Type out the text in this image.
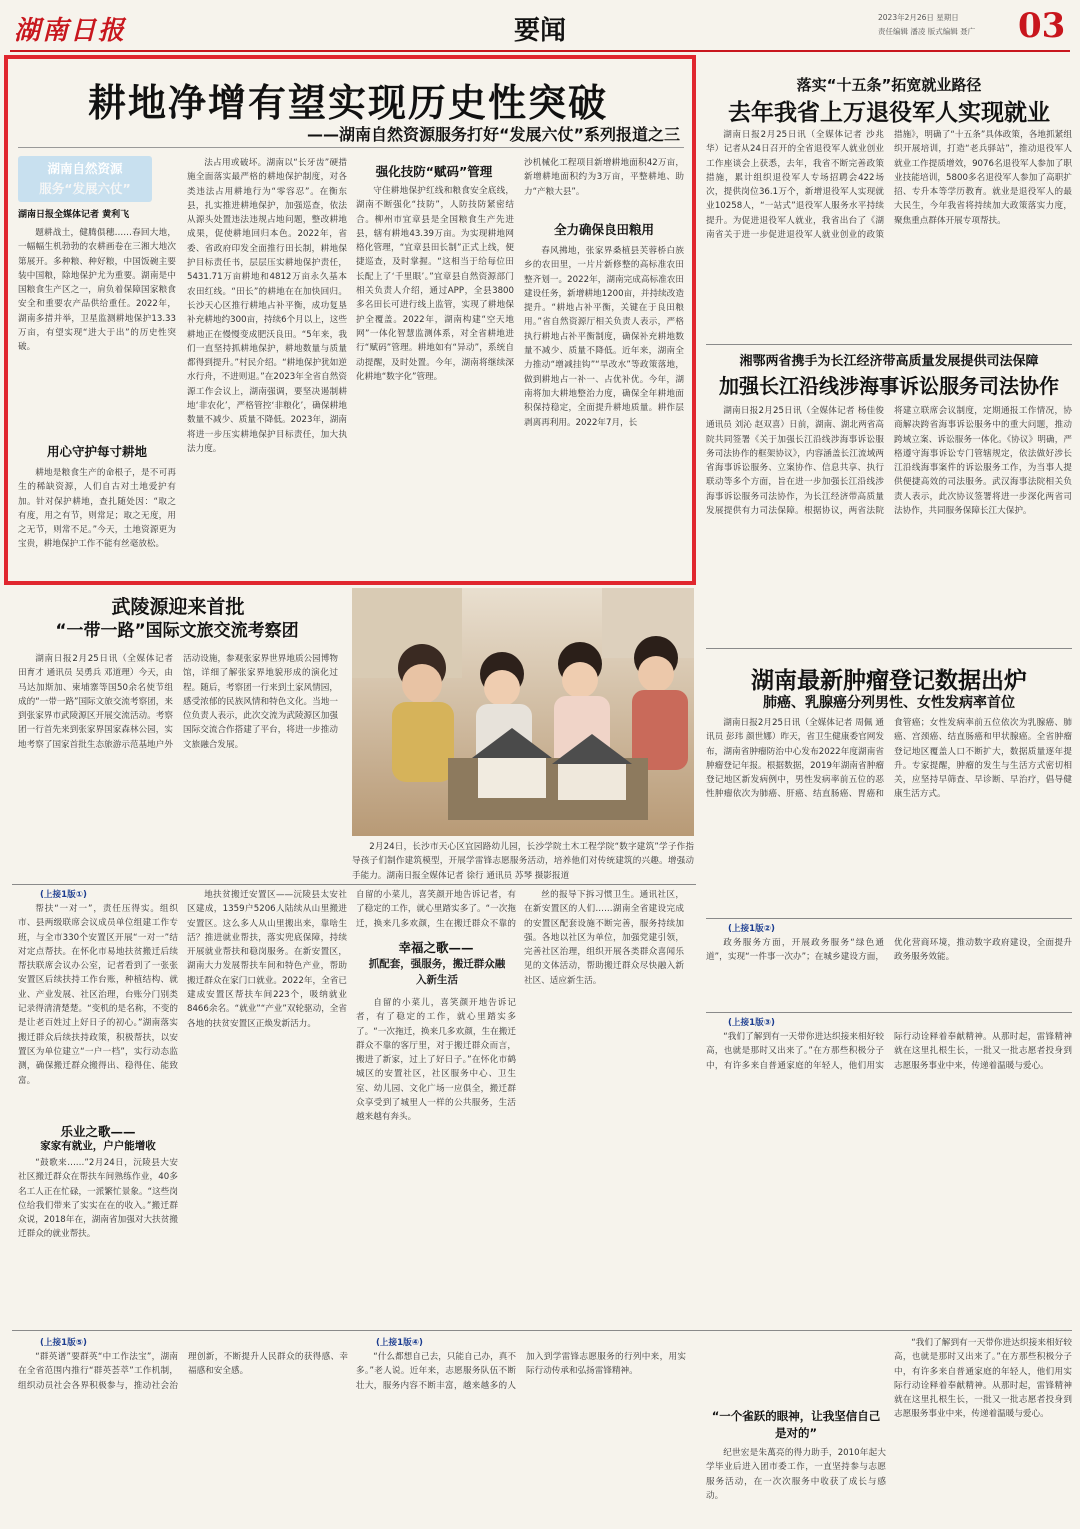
湖南日报	要闻	2023年2月26日 星期日
责任编辑 潘凌 版式编辑 聂广 03
耕地净增有望实现历史性突破
——湖南自然资源服务打好“发展六仗”系列报道之三
湖南自然资源
服务“发展六仗”
湖南日报全媒体记者 黄利飞

题耕战土，健腾俱穗……春回大地，一幅幅生机勃勃的农耕画卷在三湘大地次第展开。多种粮、种好粮，中国饭碗主要装中国粮，除地保护尤为重要。湖南是中国粮食生产区之一，肩负着保障国家粮食安全和重要农产品供给重任。2022年，湖南多措并举，卫星监测耕地保护13.33万亩，有望实现“进大于出”的历史性突破。

用心守护每寸耕地

耕地是粮食生产的命根子，是不可再生的稀缺资源，人们自古对土地爱护有加。针对保护耕地，查扎随处因：“取之有度，用之有节，则常足；取之无度，用之无节，则常不足。”今天，土地资源更为宝贵，耕地保护工作不能有丝毫放松。

法占用或破坏。湖南以“长牙齿”硬措施全面落实最严格的耕地保护制度，对各类违法占用耕地行为“零容忍”。在衡东县，扎实推进耕地保护，加强巡查，依法从源头处置违法违规占地问题，整改耕地成果，促使耕地回归本色。2022年，省委、省政府印发全面推行田长制，耕地保护目标责任书，层层压实耕地保护责任，5431.71万亩耕地和4812万亩永久基本农田红线。“田长”的耕地在在加快回归。长沙天心区推行耕地占补平衡，成功复垦补充耕地约300亩，持续6个月以上，这些耕地正在慢慢变成肥沃良田。“5年来，我们一直坚持抓耕地保护，耕地数量与质量都得到提升。”村民介绍。“耕地保护犹如逆水行舟，不进则退。”在2023年全省自然资源工作会议上，湖南强调，要坚决遏制耕地‘非农化’，严格管控‘非粮化’，确保耕地数量不减少、质量不降低。2023年，湖南将进一步压实耕地保护目标责任，加大执法力度。

强化技防“赋码”管理

守住耕地保护红线和粮食安全底线，湖南不断强化“技防”，人防技防紧密结合。柳州市宜章县是全国粮食生产先进县，辖有耕地43.39万亩。为实现耕地网格化管理，“宜章县田长制”正式上线，便捷巡查，及时掌握。“这相当于给每位田长配上了‘千里眼’。”宜章县自然资源部门相关负责人介绍，通过APP，全县3800多名田长可进行线上监管，实现了耕地保护全覆盖。2022年，湖南构建“空天地网”一体化智慧监测体系，对全省耕地进行“赋码”管理。耕地如有“异动”，系统自动提醒，及时处置。今年，湖南将继续深化耕地“数字化”管理。

沙机械化工程项目新增耕地面积42万亩，新增耕地面积约为3万亩，平整耕地、助力“产粮大县”。

全力确保良田粮用

春风拂地，张家界桑植县芙蓉桥白族乡的农田里，一片片新修整的高标准农田整齐划一。2022年，湖南完成高标准农田建设任务，新增耕地1200亩，并持续改造提升。“耕地占补平衡，关键在于良田粮用。”省自然资源厅相关负责人表示，严格执行耕地占补平衡制度，确保补充耕地数量不减少、质量不降低。近年来，湖南全力推动“增减挂钩”“旱改水”等政策落地，做到耕地占一补一、占优补优。今年，湖南将加大耕地整治力度，确保全年耕地面积保持稳定，全面提升耕地质量。耕作层剥离再利用。2022年7月，长

落实“十五条”拓宽就业路径
去年我省上万退役军人实现就业

湖南日报2月25日讯（全媒体记者 沙兆华）记者从24日召开的全省退役军人就业创业工作座谈会上获悉，去年，我省不断完善政策措施，累计组织退役军人专场招聘会422场次，提供岗位36.1万个，新增退役军人实现就业10258人，“一站式”退役军人服务水平持续提升。为促进退役军人就业，我省出台了《湖南省关于进一步促进退役军人就业创业的政策措施》，明确了“十五条”具体政策，各地抓紧组织开展培训，打造“老兵驿站”，推动退役军人就业工作提质增效，9076名退役军人参加了职业技能培训，5800多名退役军人参加了高职扩招、专升本等学历教育。就业是退役军人的最大民生，今年我省将持续加大政策落实力度，聚焦重点群体开展专项帮扶。

湘鄂两省携手为长江经济带高质量发展提供司法保障
加强长江沿线涉海事诉讼服务司法协作

湖南日报2月25日讯（全媒体记者 杨佳俊 通讯员 刘沁 赵双喜）日前，湖南、湖北两省高院共同签署《关于加强长江沿线涉海事诉讼服务司法协作的框架协议》，内容涵盖长江流域两省海事诉讼服务、立案协作、信息共享、执行联动等多个方面，旨在进一步加强长江沿线涉海事诉讼服务司法协作，为长江经济带高质量发展提供有力司法保障。根据协议，两省法院将建立联席会议制度，定期通报工作情况，协商解决跨省海事诉讼服务中的重大问题，推动跨域立案、诉讼服务一体化。《协议》明确，严格遵守海事诉讼专门管辖规定，依法做好涉长江沿线海事案件的诉讼服务工作，为当事人提供便捷高效的司法服务。武汉海事法院相关负责人表示，此次协议签署将进一步深化两省司法协作，共同服务保障长江大保护。

湖南最新肿瘤登记数据出炉
肺癌、乳腺癌分列男性、女性发病率首位

湖南日报2月25日讯（全媒体记者 周佩 通讯员 彭玮 颜世娜）昨天，省卫生健康委官网发布，湖南省肿瘤防治中心发布2022年度湖南省肿瘤登记年报。根据数据，2019年湖南省肿瘤登记地区新发病例中，男性发病率前五位的恶性肿瘤依次为肺癌、肝癌、结直肠癌、胃癌和食管癌；女性发病率前五位依次为乳腺癌、肺癌、宫颈癌、结直肠癌和甲状腺癌。全省肿瘤登记地区覆盖人口不断扩大，数据质量逐年提升。专家提醒，肿瘤的发生与生活方式密切相关，应坚持早筛查、早诊断、早治疗，倡导健康生活方式。

武陵源迎来首批
“一带一路”国际文旅交流考察团

湖南日报2月25日讯（全媒体记者 田育才 通讯员 吴勇兵 邓道理）今天，由马达加斯加、柬埔寨等国50余名使节组成的“一带一路”国际文旅交流考察团，来到张家界市武陵源区开展交流活动。考察团一行首先来到张家界国家森林公园，实地考察了国家首批生态旅游示范基地户外活动设施，参观张家界世界地质公园博物馆，详细了解张家界地貌形成的演化过程。随后，考察团一行来到土家风情园，感受浓郁的民族风情和特色文化。当地一位负责人表示，此次交流为武陵源区加强国际交流合作搭建了平台，将进一步推动文旅融合发展。

2月24日，长沙市天心区宜园路幼儿园，长沙学院土木工程学院“数字建筑”学子作指导孩子们制作建筑模型，开展学雷锋志愿服务活动，培养他们对传统建筑的兴趣。增强动手能力。湖南日报全媒体记者 徐行 通讯员 苏琴 摄影报道

(上接1版①)

帮扶“一对一”，责任压得实。组织市、县两级联席会议成员单位组建工作专班，与全市330个安置区开展“一对一”结对定点帮扶。在怀化市易地扶贫搬迁后续帮扶联席会议办公室，记者看到了一张张安置区后续扶持工作台账，种植结构、就业、产业发展、社区治理，台账分门别类记录得清清楚楚。“变机的是名称，不变的是让老百姓过上好日子的初心。”湖南落实搬迁群众后续扶持政策，积极帮扶，以安置区为单位建立“一户一档”，实行动态监测，确保搬迁群众搬得出、稳得住、能致富。

乐业之歌——
家家有就业，户户能增收

“鼓歌来……”2月24日，沅陵县大安社区搬迁群众在帮扶车间熟练作业，40多名工人正在忙碌，一派繁忙景象。“这些岗位给我们带来了实实在在的收入。”搬迁群众说，2018年在，湖南省加强对大扶贫搬迁群众的就业帮扶。

地扶贫搬迁安置区——沅陵县太安社区建成，1359户5206人陆续从山里搬进安置区。这么多人从山里搬出来，靠啥生活？推进就业帮扶，落实兜底保障，持续开展就业帮扶和稳岗服务。在新安置区，湖南大力发展帮扶车间和特色产业，帮助搬迁群众在家门口就业。2022年，全省已建成安置区帮扶车间223个，吸纳就业8466余名。“就业”“产业”双轮驱动，全省各地的扶贫安置区正焕发新活力。

自留的小菜儿，喜笑颜开地告诉记者，有了稳定的工作，就心里踏实多了。“一次拖迁，换来几多欢颜，生在搬迁群众不靠的

幸福之歌——
抓配套，强服务，搬迁群众融入新生活

自留的小菜儿，喜笑颜开地告诉记者，有了稳定的工作，就心里踏实多了。“一次拖迁，换来几多欢颜，生在搬迁群众不靠的客厅里，对于搬迁群众而言，搬进了新家，过上了好日子。”在怀化市鹤城区的安置社区，社区服务中心、卫生室、幼儿园、文化广场一应俱全，搬迁群众享受到了城里人一样的公共服务，生活越来越有奔头。

丝的报导下拆习惯卫生。通讯社区，在新安置区的人们……湖南全省建设完成的安置区配套设施不断完善，服务持续加强。各地以社区为单位，加强党建引领，完善社区治理，组织开展各类群众喜闻乐见的文体活动，帮助搬迁群众尽快融入新社区、适应新生活。

(上接1版②)

政务服务方面，开展政务服务“绿色通道”，实现“一件事一次办”；在城乡建设方面，优化营商环境，推动数字政府建设，全面提升政务服务效能。

(上接1版③)

“我们了解到有一天带你进达织接来相好较高，也就是那时又出来了。”在方那些积极分子中，有许多来自普通家庭的年轻人，他们用实际行动诠释着奉献精神。从那时起，雷锋精神就在这里扎根生长，一批又一批志愿者投身到志愿服务事业中来，传递着温暖与爱心。

(上接1版⑤)

“群英谱”要群英“中工作法宝”，湖南在全省范围内推行“群英荟萃”工作机制，组织动员社会各界积极参与，推动社会治理创新，不断提升人民群众的获得感、幸福感和安全感。

(上接1版④)

“什么都想自己去，只能自己办，真不多。”老人说。近年来，志愿服务队伍不断壮大，服务内容不断丰富，越来越多的人加入到学雷锋志愿服务的行列中来，用实际行动传承和弘扬雷锋精神。

“一个雀跃的眼神，让我坚信自己是对的”

纪世宏是朱萬亮的得力助手，2010年起大学毕业后进入团市委工作，一直坚持参与志愿服务活动，在一次次服务中收获了成长与感动。

“我们了解到有一天带你进达织接来相好较高，也就是那时又出来了。”在方那些积极分子中，有许多来自普通家庭的年轻人，他们用实际行动诠释着奉献精神。从那时起，雷锋精神就在这里扎根生长，一批又一批志愿者投身到志愿服务事业中来，传递着温暖与爱心。
